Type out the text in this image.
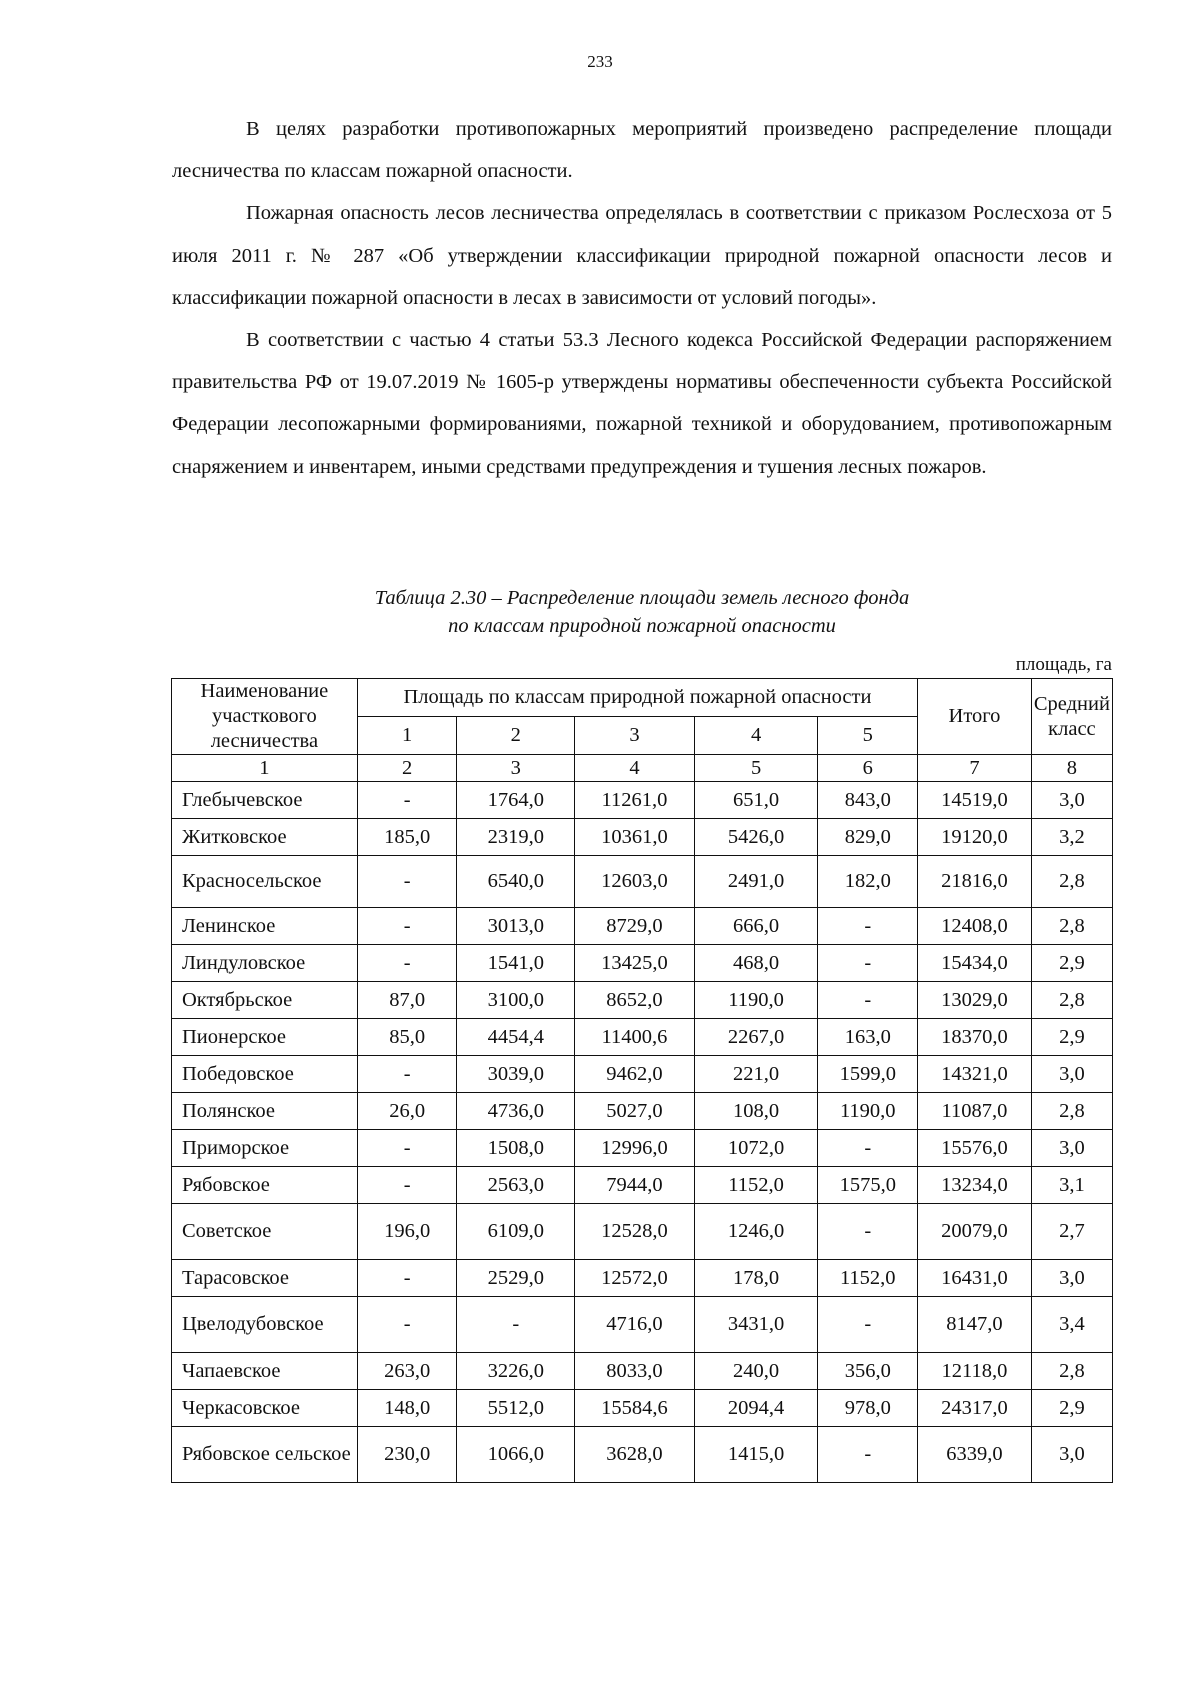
233

В целях разработки противопожарных мероприятий произведено распределение площади лесничества по классам пожарной опасности.

Пожарная опасность лесов лесничества определялась в соответствии с приказом Рослесхоза от 5 июля 2011 г. № 287 «Об утверждении классификации природной пожарной опасности лесов и классификации пожарной опасности в лесах в зависимости от условий погоды».

В соответствии с частью 4 статьи 53.3 Лесного кодекса Российской Федерации распоряжением правительства РФ от 19.07.2019 № 1605-р утверждены нормативы обеспеченности субъекта Российской Федерации лесопожарными формированиями, пожарной техникой и оборудованием, противопожарным снаряжением и инвентарем, иными средствами предупреждения и тушения лесных пожаров.

Таблица 2.30 – Распределение площади земель лесного фонда
по классам природной пожарной опасности
площадь, га
Наименование участкового лесничества	Площадь по классам природной пожарной опасности					Итого	Средний класс
	1	2	3	4	5		
1	2	3	4	5	6	7	8
Глебычевское	-	1764,0	11261,0	651,0	843,0	14519,0	3,0
Житковское	185,0	2319,0	10361,0	5426,0	829,0	19120,0	3,2
Красносельское	-	6540,0	12603,0	2491,0	182,0	21816,0	2,8
Ленинское	-	3013,0	8729,0	666,0	-	12408,0	2,8
Линдуловское	-	1541,0	13425,0	468,0	-	15434,0	2,9
Октябрьское	87,0	3100,0	8652,0	1190,0	-	13029,0	2,8
Пионерское	85,0	4454,4	11400,6	2267,0	163,0	18370,0	2,9
Победовское	-	3039,0	9462,0	221,0	1599,0	14321,0	3,0
Полянское	26,0	4736,0	5027,0	108,0	1190,0	11087,0	2,8
Приморское	-	1508,0	12996,0	1072,0	-	15576,0	3,0
Рябовское	-	2563,0	7944,0	1152,0	1575,0	13234,0	3,1
Советское	196,0	6109,0	12528,0	1246,0	-	20079,0	2,7
Тарасовское	-	2529,0	12572,0	178,0	1152,0	16431,0	3,0
Цвелодубовское	-	-	4716,0	3431,0	-	8147,0	3,4
Чапаевское	263,0	3226,0	8033,0	240,0	356,0	12118,0	2,8
Черкасовское	148,0	5512,0	15584,6	2094,4	978,0	24317,0	2,9
Рябовское сельское	230,0	1066,0	3628,0	1415,0	-	6339,0	3,0
